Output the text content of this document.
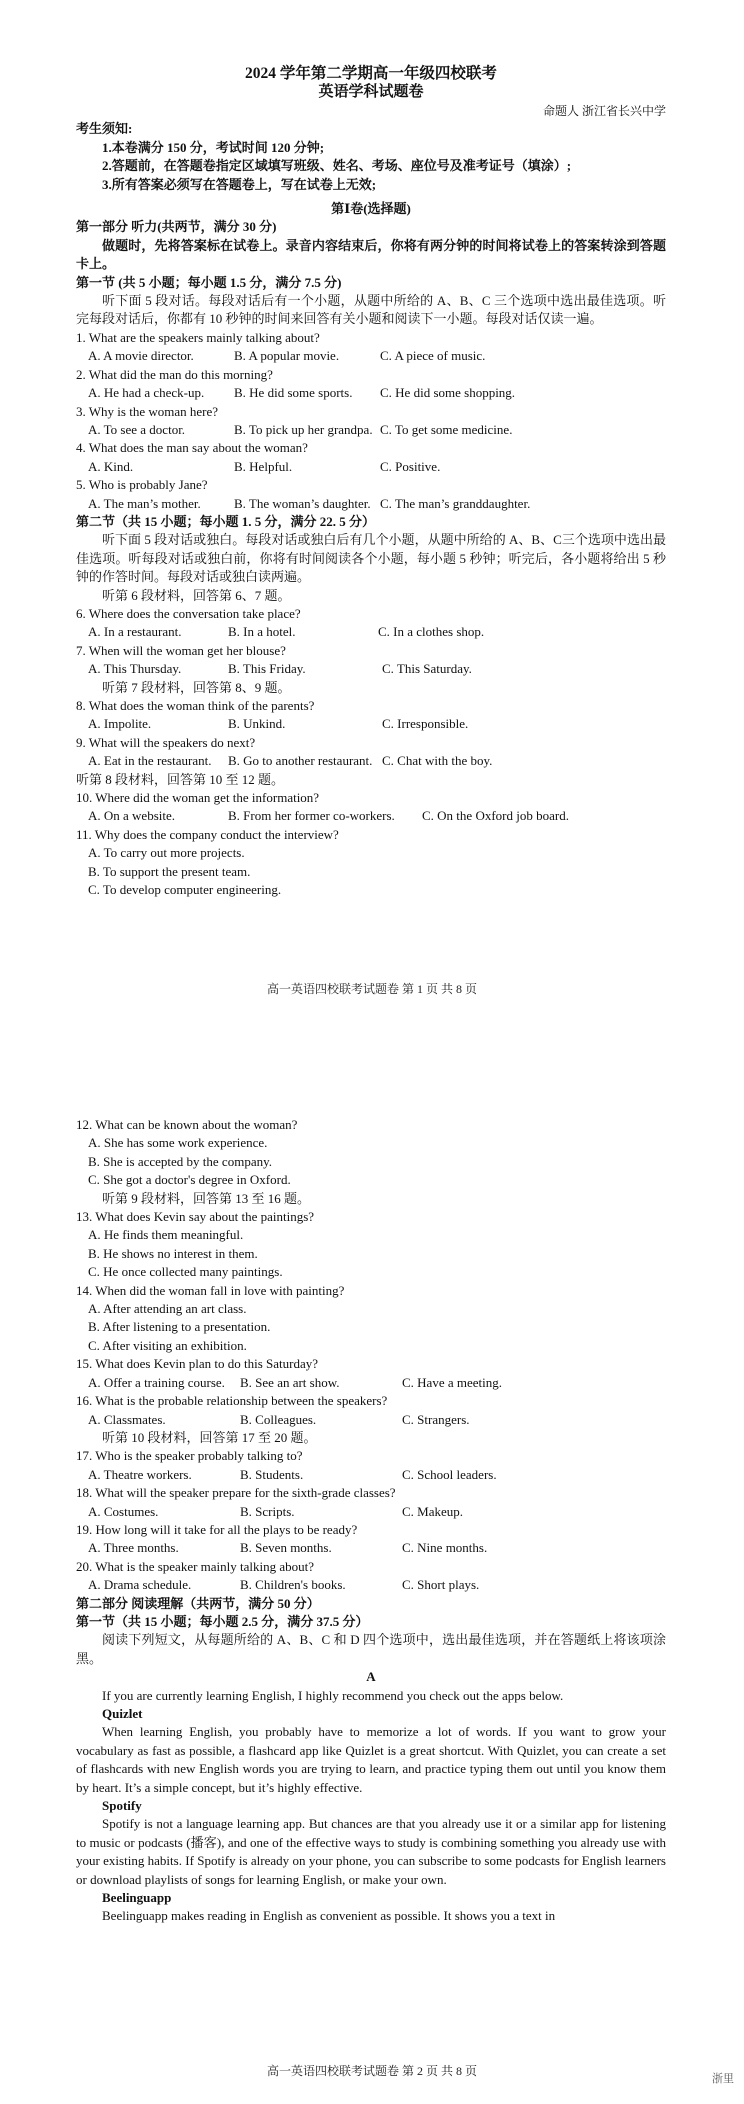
2024 学年第二学期高一年级四校联考
英语学科试题卷
命题人 浙江省长兴中学
考生须知:
1.本卷满分 150 分，考试时间 120 分钟;
2.答题前，在答题卷指定区域填写班级、姓名、考场、座位号及准考证号（填涂）;
3.所有答案必须写在答题卷上，写在试卷上无效;
第Ⅰ卷(选择题)
第一部分 听力(共两节，满分 30 分)
做题时，先将答案标在试卷上。录音内容结束后，你将有两分钟的时间将试卷上的答案转涂到答题卡上。
第一节 (共 5 小题；每小题 1.5 分，满分 7.5 分)
听下面 5 段对话。每段对话后有一个小题，从题中所给的 A、B、C 三个选项中选出最佳选项。听完每段对话后，你都有 10 秒钟的时间来回答有关小题和阅读下一小题。每段对话仅读一遍。
1. What are the speakers mainly talking about?
A. A movie director.	B. A popular movie.	C. A piece of music.
2. What did the man do this morning?
A. He had a check-up.	B. He did some sports.	C. He did some shopping.
3. Why is the woman here?
A. To see a doctor.	B. To pick up her grandpa. C. To get some medicine.
4. What does the man say about the woman?
A. Kind.	B. Helpful.	C. Positive.
5. Who is probably Jane?
A. The man’s mother.	B. The woman’s daughter. C. The man’s granddaughter.
第二节（共 15 小题；每小题 1. 5 分，满分 22. 5 分）
听下面 5 段对话或独白。每段对话或独白后有几个小题，从题中所给的 A、B、C三个选项中选出最佳选项。听每段对话或独白前，你将有时间阅读各个小题，每小题 5 秒钟；听完后，各小题将给出 5 秒钟的作答时间。每段对话或独白读两遍。
听第 6 段材料，回答第 6、7 题。
6. Where does the conversation take place?
A. In a restaurant.	B. In a hotel.	C. In a clothes shop.
7. When will the woman get her blouse?
A. This Thursday.	B. This Friday.	C. This Saturday.
听第 7 段材料，回答第 8、9 题。
8. What does the woman think of the parents?
A. Impolite.	B. Unkind.	C. Irresponsible.
9. What will the speakers do next?
A. Eat in the restaurant.	B. Go to another restaurant. C. Chat with the boy.
听第 8 段材料，回答第 10 至 12 题。
10. Where did the woman get the information?
A. On a website.	B. From her former co-workers.	C. On the Oxford job board.
11. Why does the company conduct the interview?
A. To carry out more projects.
B. To support the present team.
C. To develop computer engineering.
高一英语四校联考试题卷 第 1 页 共 8 页
浙里
12. What can be known about the woman?
A. She has some work experience.
B. She is accepted by the company.
C. She got a doctor's degree in Oxford.
听第 9 段材料，回答第 13 至 16 题。
13. What does Kevin say about the paintings?
A. He finds them meaningful.
B. He shows no interest in them.
C. He once collected many paintings.
14. When did the woman fall in love with painting?
A. After attending an art class.
B. After listening to a presentation.
C. After visiting an exhibition.
15. What does Kevin plan to do this Saturday?
A. Offer a training course.	B. See an art show.	C. Have a meeting.
16. What is the probable relationship between the speakers?
A. Classmates.	B. Colleagues.	C. Strangers.
听第 10 段材料，回答第 17 至 20 题。
17. Who is the speaker probably talking to?
A. Theatre workers.	B. Students.	C. School leaders.
18. What will the speaker prepare for the sixth-grade classes?
A. Costumes.	B. Scripts.	C. Makeup.
19. How long will it take for all the plays to be ready?
A. Three months.	B. Seven months.	C. Nine months.
20. What is the speaker mainly talking about?
A. Drama schedule.	B. Children's books.	C. Short plays.
第二部分 阅读理解（共两节，满分 50 分）
第一节（共 15 小题；每小题 2.5 分，满分 37.5 分）
阅读下列短文，从每题所给的 A、B、C 和 D 四个选项中，选出最佳选项，并在答题纸上将该项涂黑。
A
If you are currently learning English, I highly recommend you check out the apps below.
Quizlet
When learning English, you probably have to memorize a lot of words. If you want to grow your vocabulary as fast as possible, a flashcard app like Quizlet is a great shortcut. With Quizlet, you can create a set of flashcards with new English words you are trying to learn, and practice typing them out until you know them by heart. It’s a simple concept, but it’s highly effective.
Spotify
Spotify is not a language learning app. But chances are that you already use it or a similar app for listening to music or podcasts (播客), and one of the effective ways to study is combining something you already use with your existing habits. If Spotify is already on your phone, you can subscribe to some podcasts for English learners or download playlists of songs for learning English, or make your own.
Beelinguapp
Beelinguapp makes reading in English as convenient as possible. It shows you a text in
高一英语四校联考试题卷 第 2 页 共 8 页
